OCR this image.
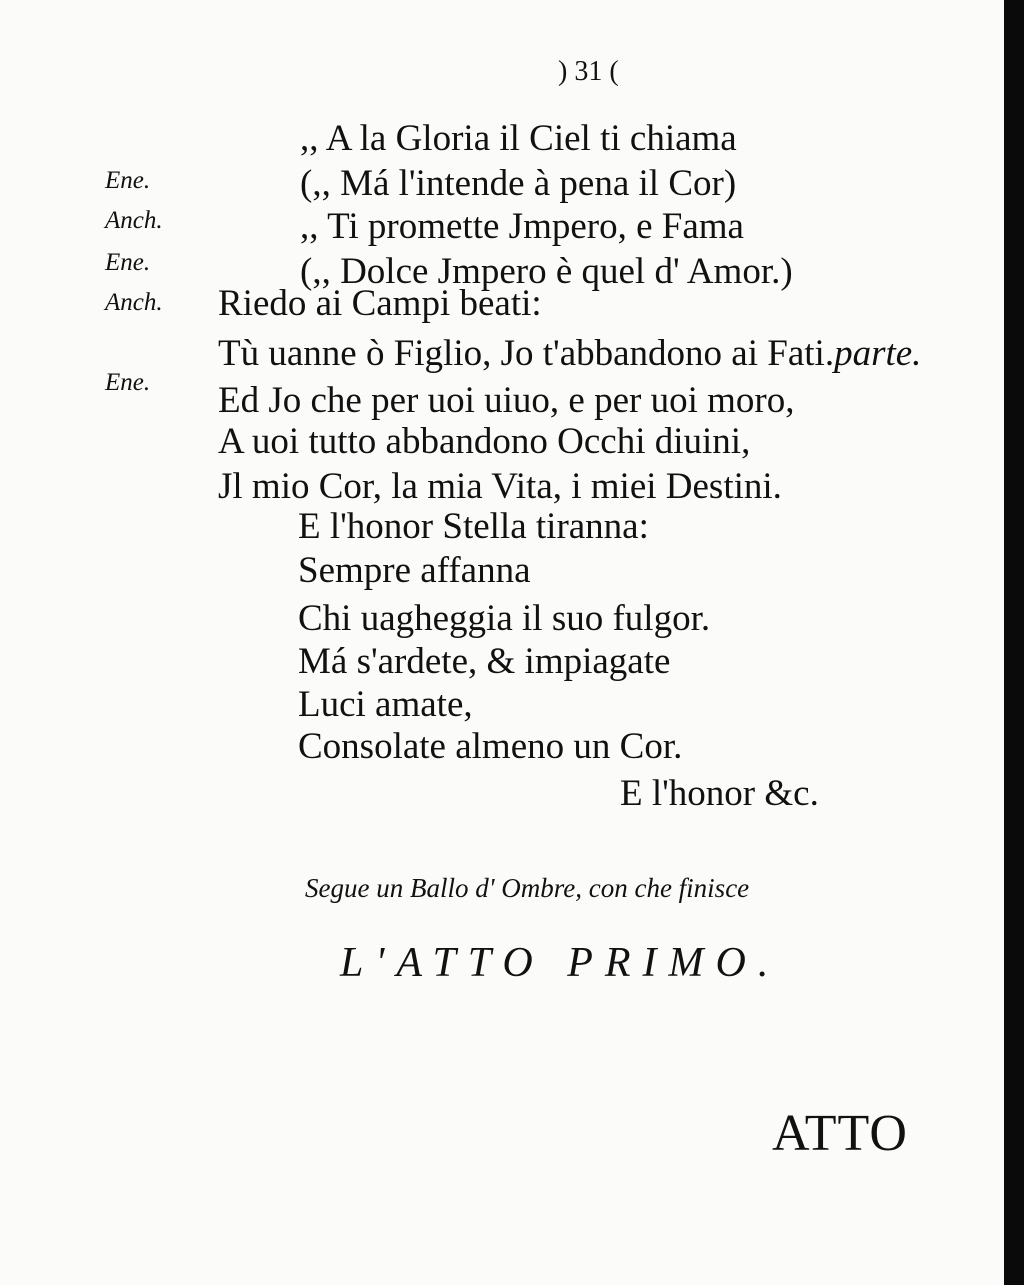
) 31 (
,, A la Gloria il Ciel ti chiama
Ene.	(,, Má l'intende à pena il Cor)
Anch.	,, Ti promette Jmpero, e Fama
Ene.	(,, Dolce Jmpero è quel d' Amor.)
Anch. Riedo ai Campi beati:
Tù uanne ò Figlio, Jo t'abbandono ai Fati.parte.
Ene. Ed Jo che per uoi uiuo, e per uoi moro,
A uoi tutto abbandono Occhi diuini,
Jl mio Cor, la mia Vita, i miei Destini.
E l'honor Stella tiranna:
Sempre affanna
Chi uagheggia il suo fulgor.
Má s'ardete, & impiagate
Luci amate,
Consolate almeno un Cor.
E l'honor &c.
Segue un Ballo d' Ombre, con che finisce
L'ATTO PRIMO.
ATTO
